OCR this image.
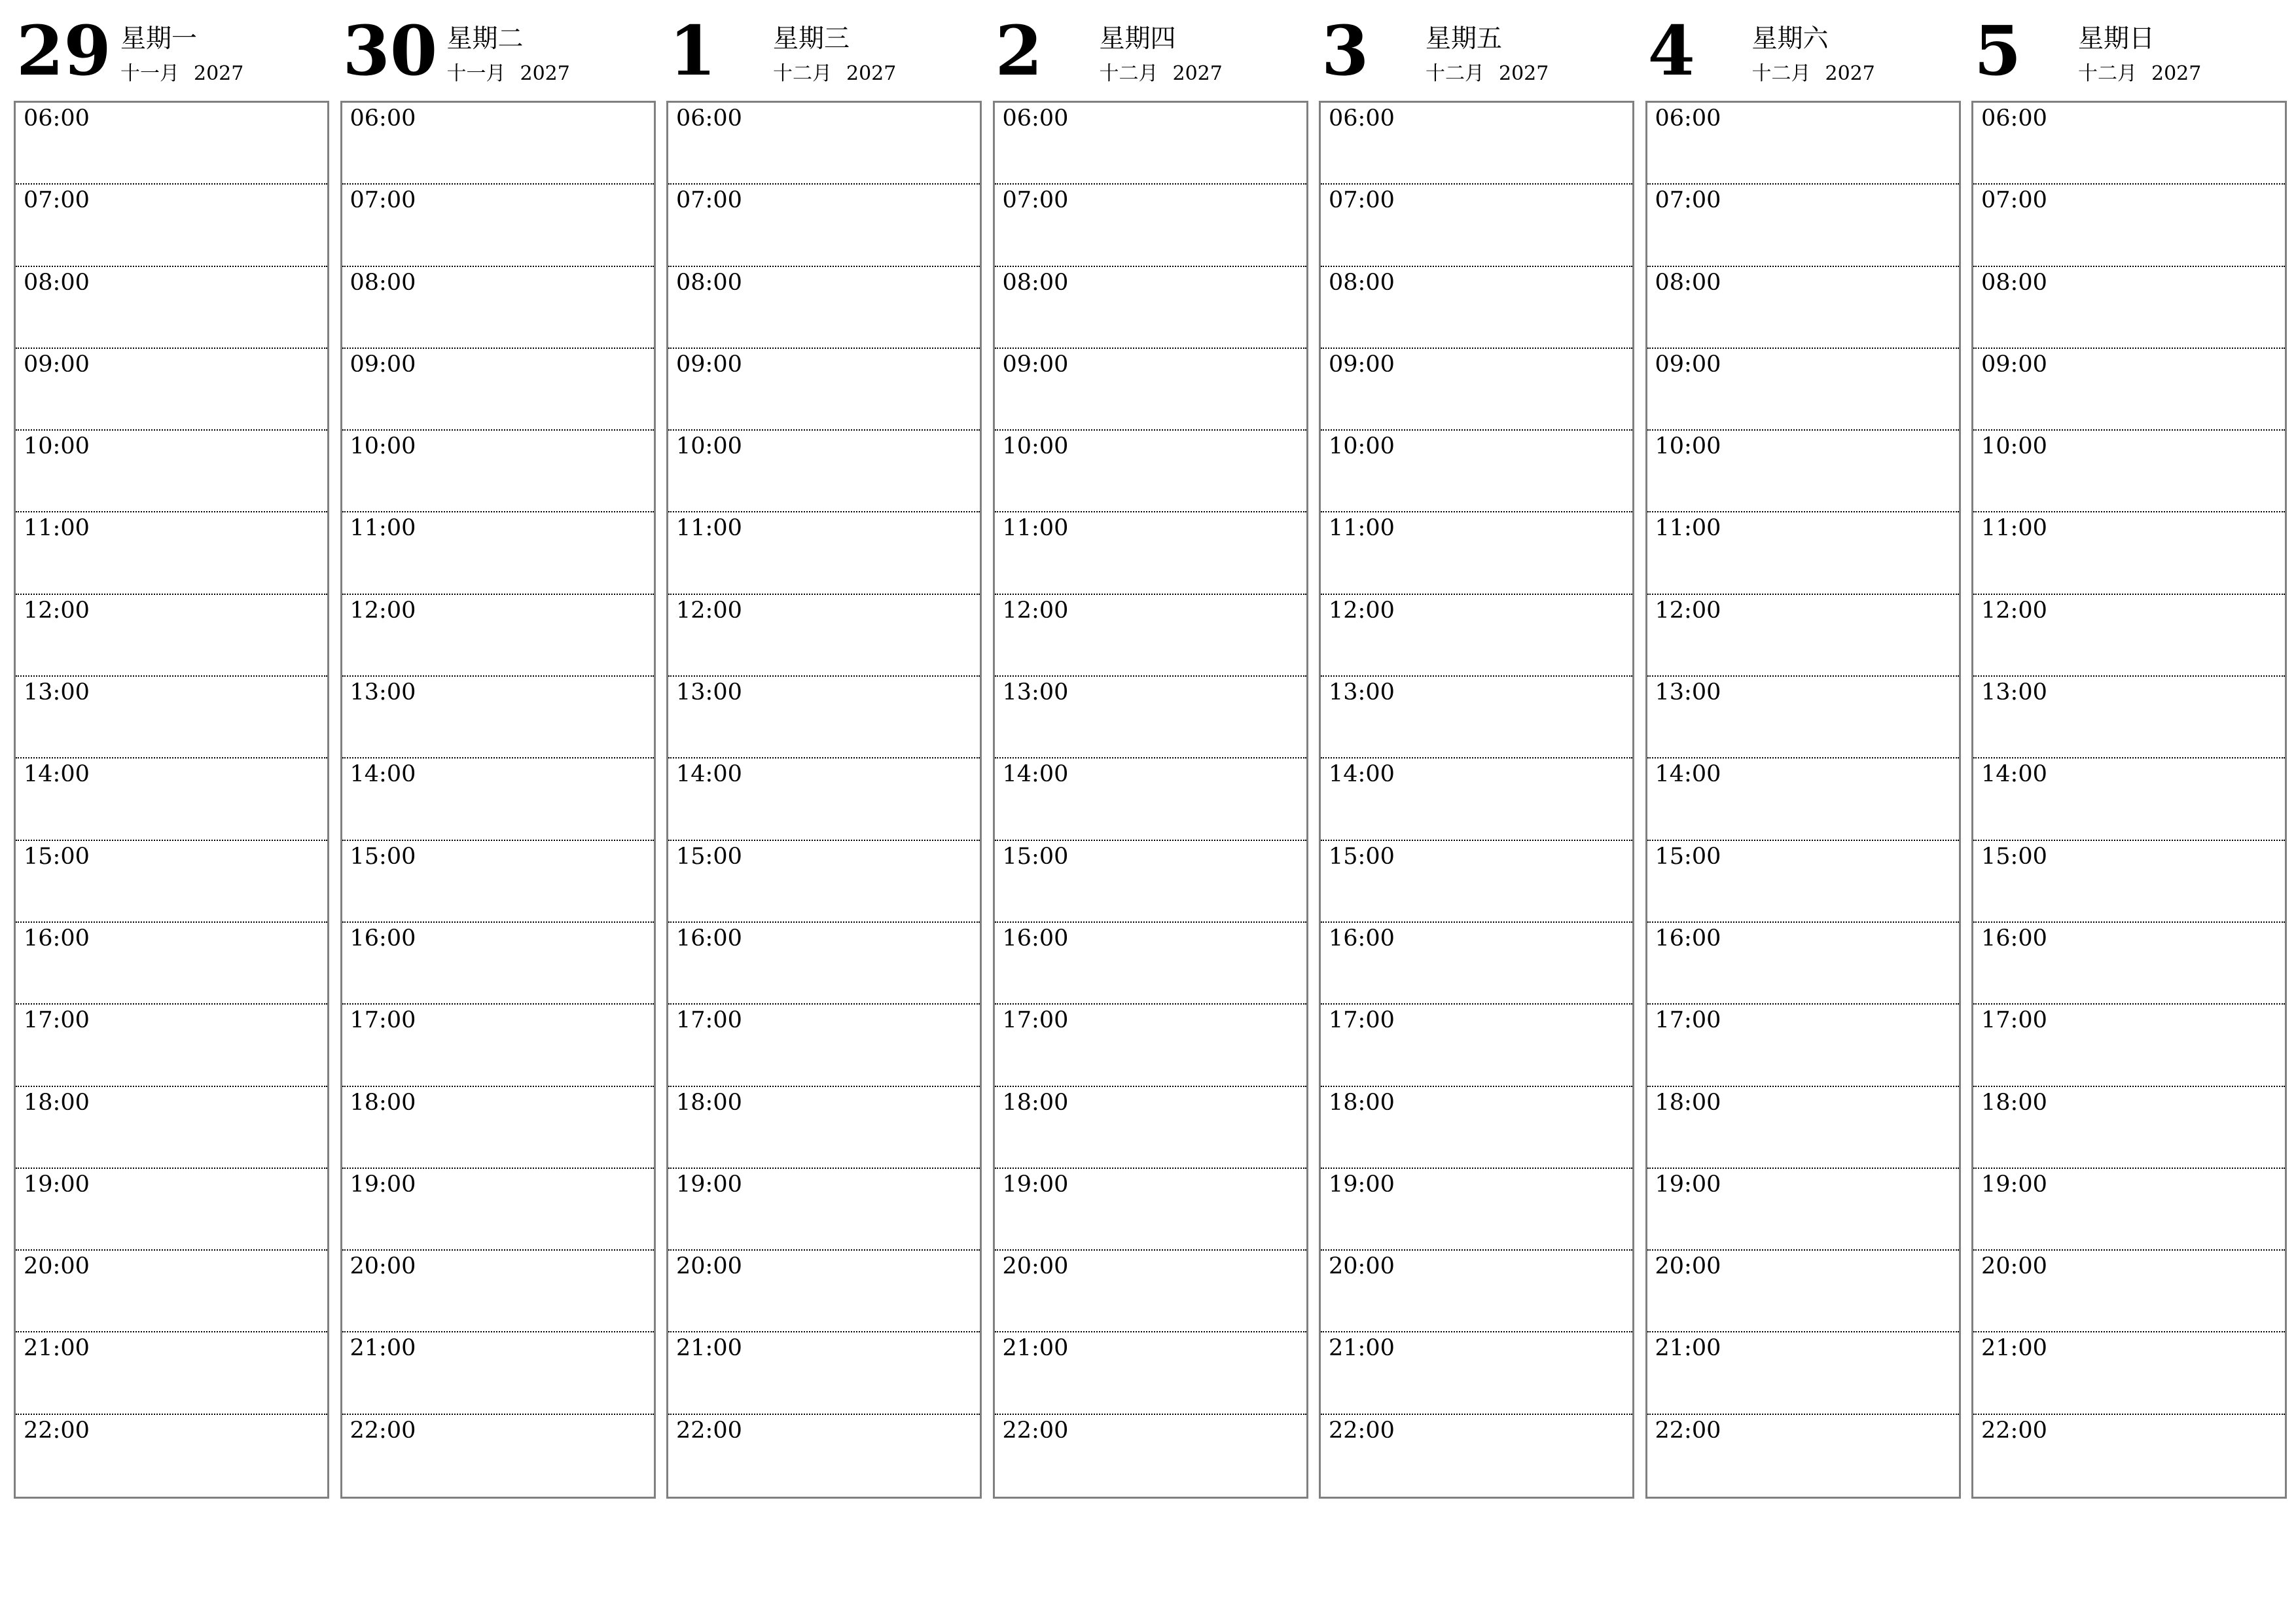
29 星期一
十一月 2027
06:00
07:00
08:00
09:00
10:00
11:00
12:00
13:00
14:00
15:00
16:00
17:00
18:00
19:00
20:00
21:00
22:00
30 星期二
十一月 2027
06:00
07:00
08:00
09:00
10:00
11:00
12:00
13:00
14:00
15:00
16:00
17:00
18:00
19:00
20:00
21:00
22:00
1 星期三
十二月 2027
06:00
07:00
08:00
09:00
10:00
11:00
12:00
13:00
14:00
15:00
16:00
17:00
18:00
19:00
20:00
21:00
22:00
2 星期四
十二月 2027
06:00
07:00
08:00
09:00
10:00
11:00
12:00
13:00
14:00
15:00
16:00
17:00
18:00
19:00
20:00
21:00
22:00
3 星期五
十二月 2027
06:00
07:00
08:00
09:00
10:00
11:00
12:00
13:00
14:00
15:00
16:00
17:00
18:00
19:00
20:00
21:00
22:00
4 星期六
十二月 2027
06:00
07:00
08:00
09:00
10:00
11:00
12:00
13:00
14:00
15:00
16:00
17:00
18:00
19:00
20:00
21:00
22:00
5 星期日
十二月 2027
06:00
07:00
08:00
09:00
10:00
11:00
12:00
13:00
14:00
15:00
16:00
17:00
18:00
19:00
20:00
21:00
22:00
